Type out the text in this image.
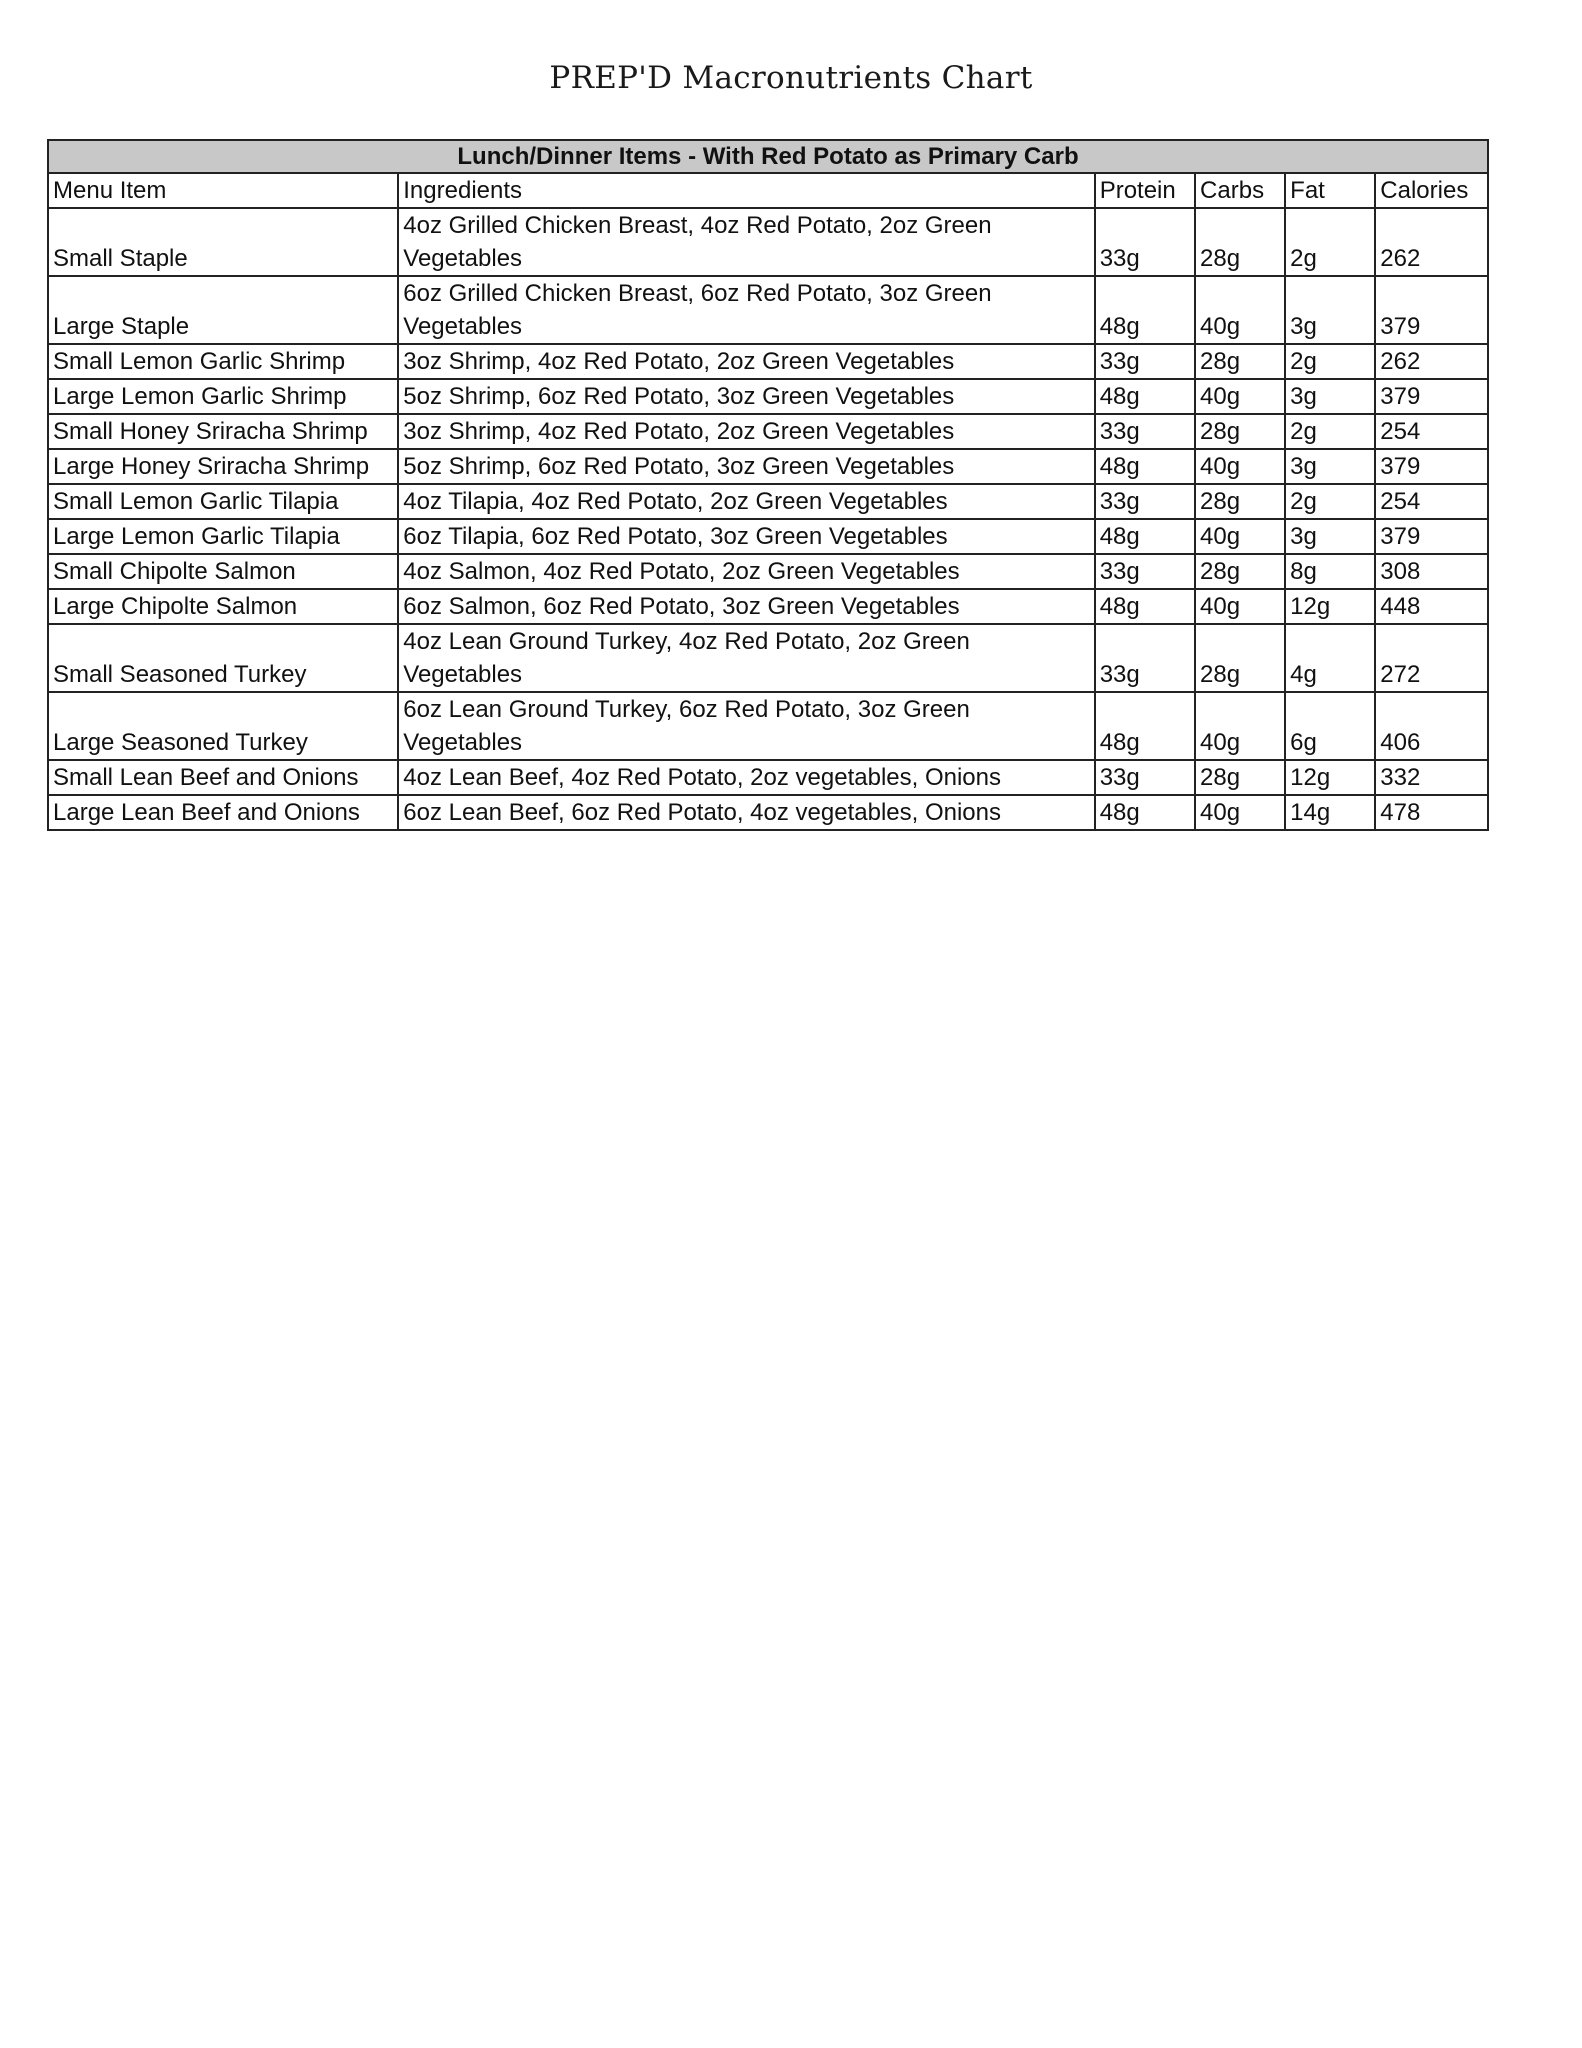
PREP'D Macronutrients Chart
Lunch/Dinner Items - With Red Potato as Primary Carb					
Menu Item	Ingredients	Protein	Carbs	Fat	Calories
Small Staple	4oz Grilled Chicken Breast, 4oz Red Potato, 2oz Green Vegetables	33g	28g	2g	262
Large Staple	6oz Grilled Chicken Breast, 6oz Red Potato, 3oz Green Vegetables	48g	40g	3g	379
Small Lemon Garlic Shrimp	3oz Shrimp, 4oz Red Potato, 2oz Green Vegetables	33g	28g	2g	262
Large Lemon Garlic Shrimp	5oz Shrimp, 6oz Red Potato, 3oz Green Vegetables	48g	40g	3g	379
Small Honey Sriracha Shrimp	3oz Shrimp, 4oz Red Potato, 2oz Green Vegetables	33g	28g	2g	254
Large Honey Sriracha Shrimp	5oz Shrimp, 6oz Red Potato, 3oz Green Vegetables	48g	40g	3g	379
Small Lemon Garlic Tilapia	4oz Tilapia, 4oz Red Potato, 2oz Green Vegetables	33g	28g	2g	254
Large Lemon Garlic Tilapia	6oz Tilapia, 6oz Red Potato, 3oz Green Vegetables	48g	40g	3g	379
Small Chipolte Salmon	4oz Salmon, 4oz Red Potato, 2oz Green Vegetables	33g	28g	8g	308
Large Chipolte Salmon	6oz Salmon, 6oz Red Potato, 3oz Green Vegetables	48g	40g	12g	448
Small Seasoned Turkey	4oz Lean Ground Turkey, 4oz Red Potato, 2oz Green Vegetables	33g	28g	4g	272
Large Seasoned Turkey	6oz Lean Ground Turkey, 6oz Red Potato, 3oz Green Vegetables	48g	40g	6g	406
Small Lean Beef and Onions	4oz Lean Beef, 4oz Red Potato, 2oz vegetables, Onions	33g	28g	12g	332
Large Lean Beef and Onions	6oz Lean Beef, 6oz Red Potato, 4oz vegetables, Onions	48g	40g	14g	478
